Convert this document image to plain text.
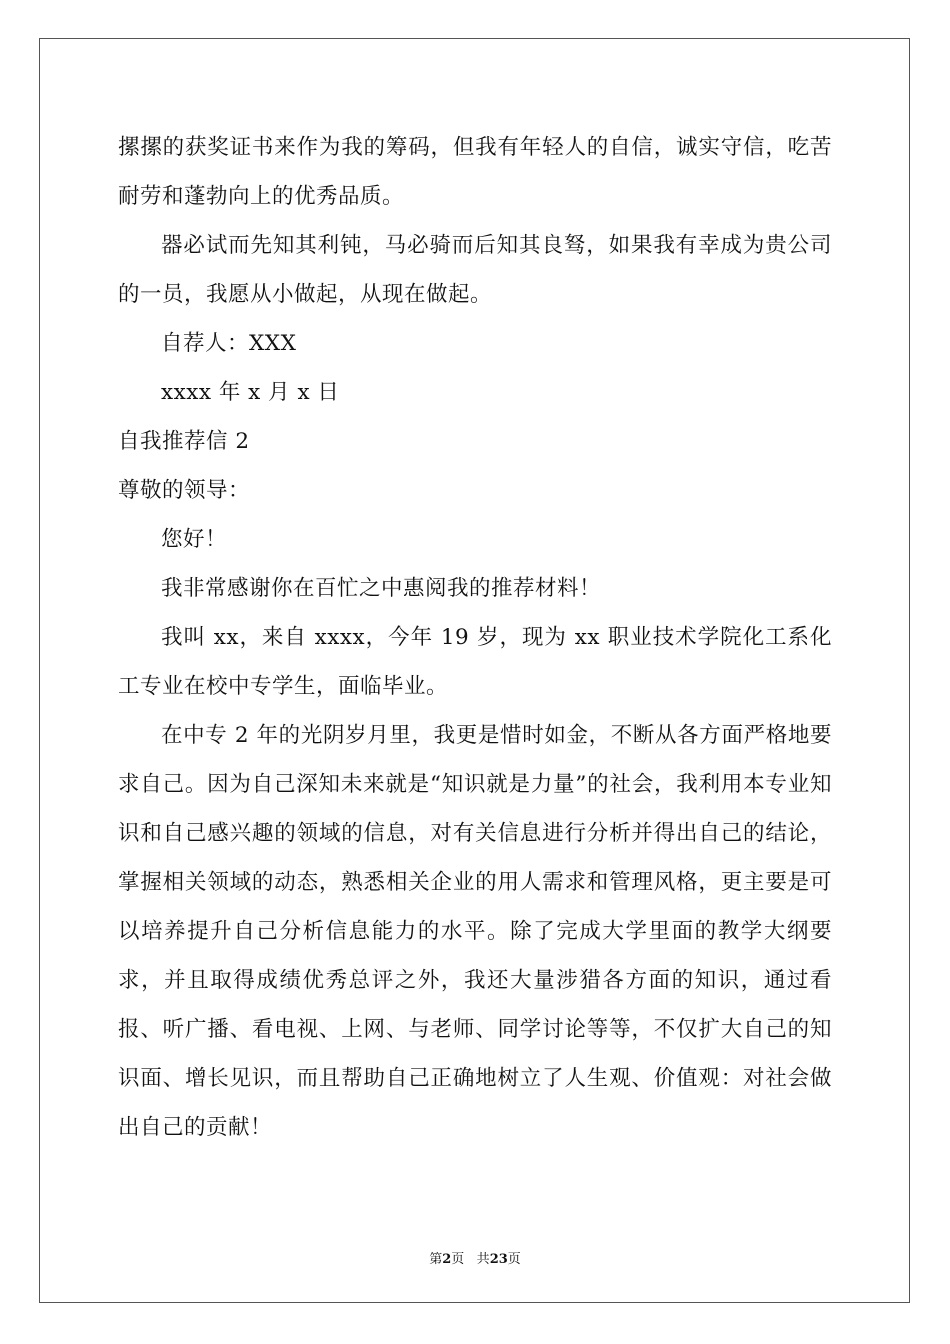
摞摞的获奖证书来作为我的筹码，但我有年轻人的自信，诚实守信，吃苦耐劳和蓬勃向上的优秀品质。

器必试而先知其利钝，马必骑而后知其良驽，如果我有幸成为贵公司的一员，我愿从小做起，从现在做起。

自荐人：XXX

xxxx 年 x 月 x 日

自我推荐信 2

尊敬的领导：

您好！

我非常感谢你在百忙之中惠阅我的推荐材料！

我叫 xx，来自 xxxx，今年 19 岁，现为 xx 职业技术学院化工系化工专业在校中专学生，面临毕业。

在中专 2 年的光阴岁月里，我更是惜时如金，不断从各方面严格地要求自己。因为自己深知未来就是“知识就是力量”的社会，我利用本专业知识和自己感兴趣的领域的信息，对有关信息进行分析并得出自己的结论，掌握相关领域的动态，熟悉相关企业的用人需求和管理风格，更主要是可以培养提升自己分析信息能力的水平。除了完成大学里面的教学大纲要求，并且取得成绩优秀总评之外，我还大量涉猎各方面的知识，通过看报、听广播、看电视、上网、与老师、同学讨论等等，不仅扩大自己的知识面、增长见识，而且帮助自己正确地树立了人生观、价值观：对社会做出自己的贡献！

第2页 共23页
